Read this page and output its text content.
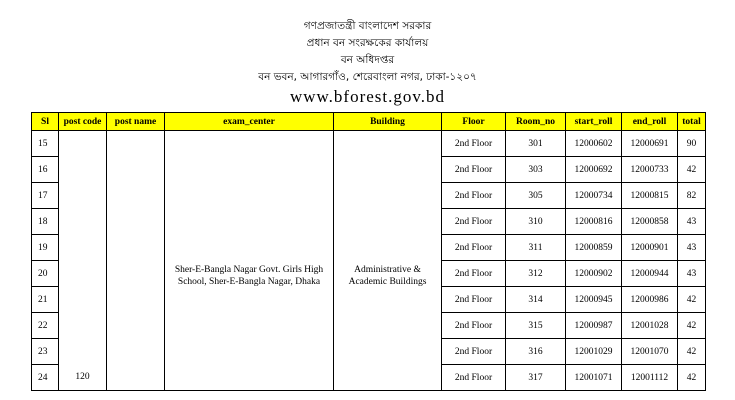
গণপ্রজাতন্ত্রী বাংলাদেশ সরকার
প্রধান বন সংরক্ষকের কার্যালয়
বন অধিদপ্তর
বন ভবন, আগারগাঁও, শেরেবাংলা নগর, ঢাকা-১২০৭
www.bforest.gov.bd
Sl	post code	post name	exam_center	Building	Floor	Room_no	start_roll	end_roll	total
15	120		Sher-E-Bangla Nagar Govt. Girls High School, Sher-E-Bangla Nagar, Dhaka	Administrative & Academic Buildings	2nd Floor	301	12000602	12000691	90
16					2nd Floor	303	12000692	12000733	42
17					2nd Floor	305	12000734	12000815	82
18					2nd Floor	310	12000816	12000858	43
19					2nd Floor	311	12000859	12000901	43
20					2nd Floor	312	12000902	12000944	43
21					2nd Floor	314	12000945	12000986	42
22					2nd Floor	315	12000987	12001028	42
23					2nd Floor	316	12001029	12001070	42
24					2nd Floor	317	12001071	12001112	42
